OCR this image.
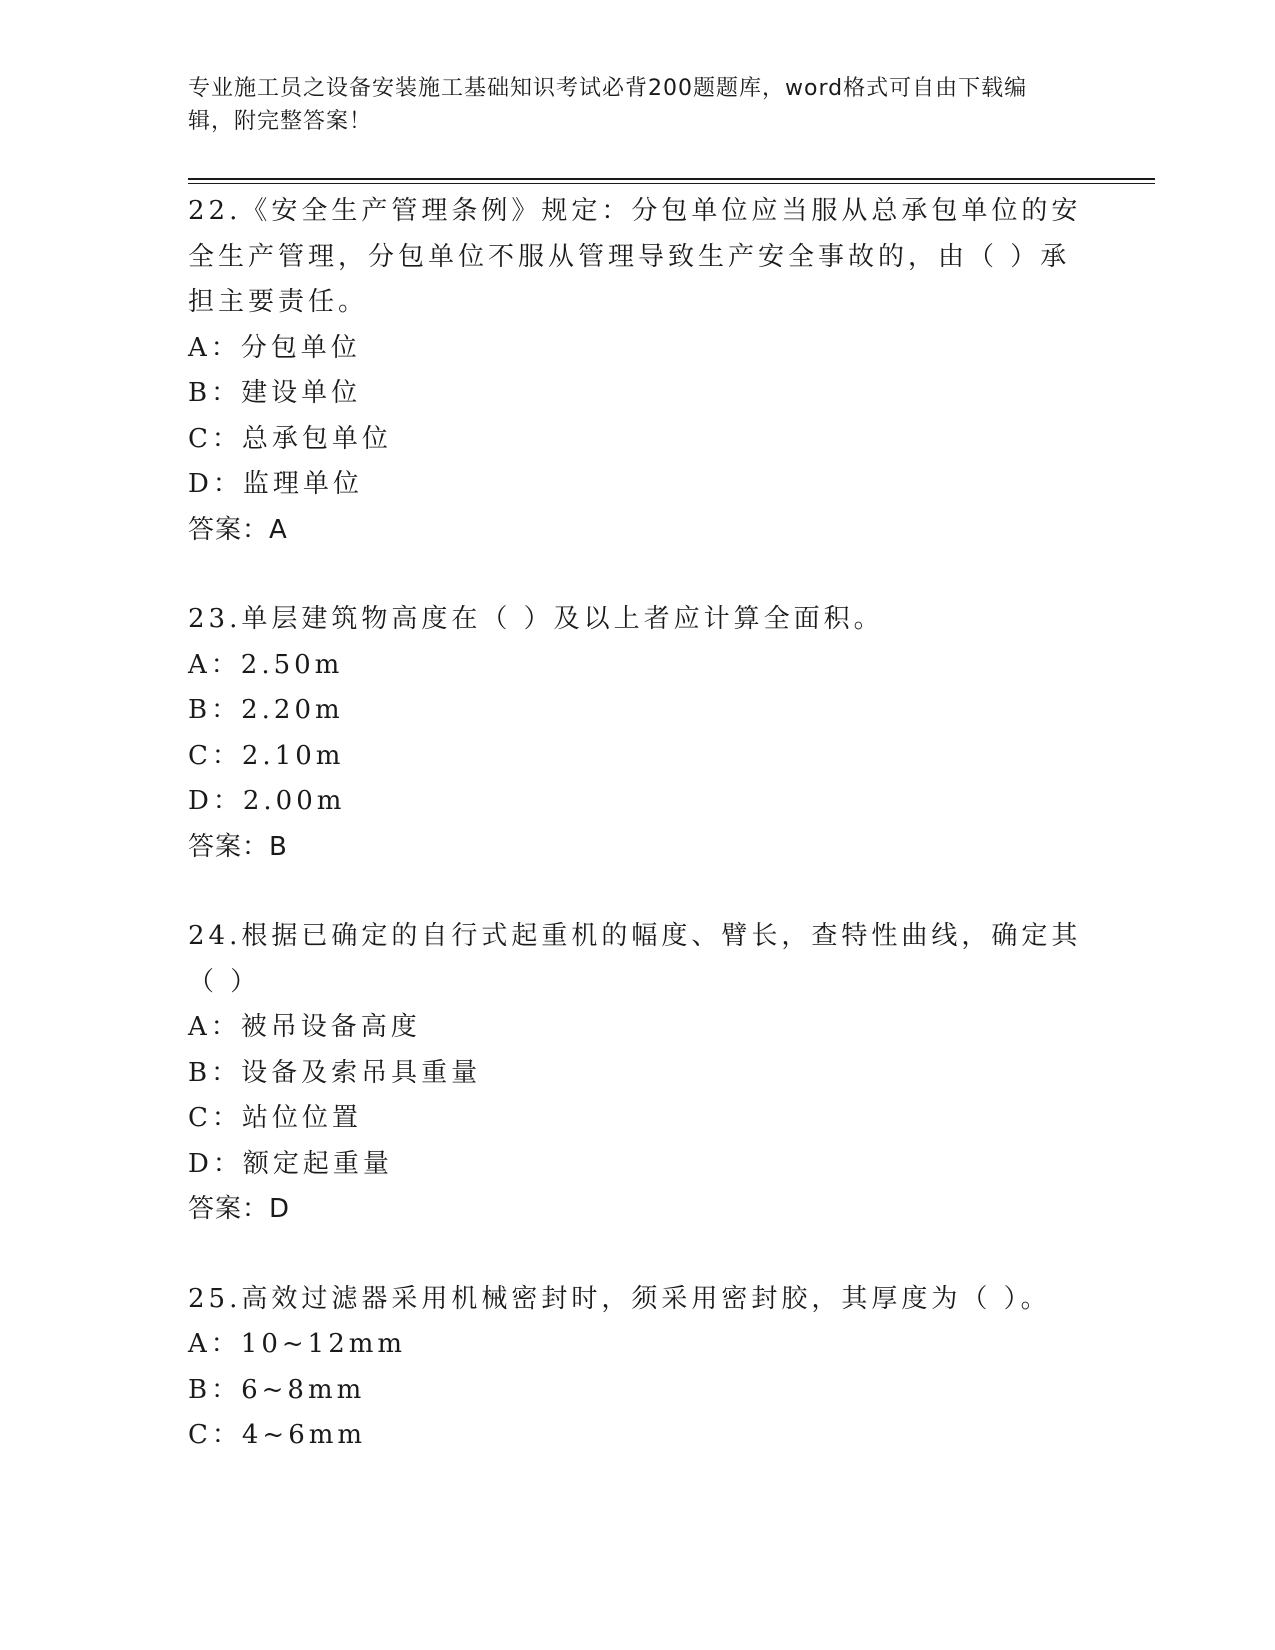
专业施工员之设备安装施工基础知识考试必背200题题库，word格式可自由下载编辑，附完整答案！

22.《安全生产管理条例》规定：分包单位应当服从总承包单位的安全生产管理，分包单位不服从管理导致生产安全事故的，由（ ）承担主要责任。

A：分包单位

B：建设单位

C：总承包单位

D：监理单位

答案：A

23.单层建筑物高度在（ ）及以上者应计算全面积。

A：2.50m

B：2.20m

C：2.10m

D：2.00m

答案：B

24.根据已确定的自行式起重机的幅度、臂长，查特性曲线，确定其（ ）

A：被吊设备高度

B：设备及索吊具重量

C：站位位置

D：额定起重量

答案：D

25.高效过滤器采用机械密封时，须采用密封胶，其厚度为（ ）。

A：10~12mm

B：6~8mm

C：4~6mm
